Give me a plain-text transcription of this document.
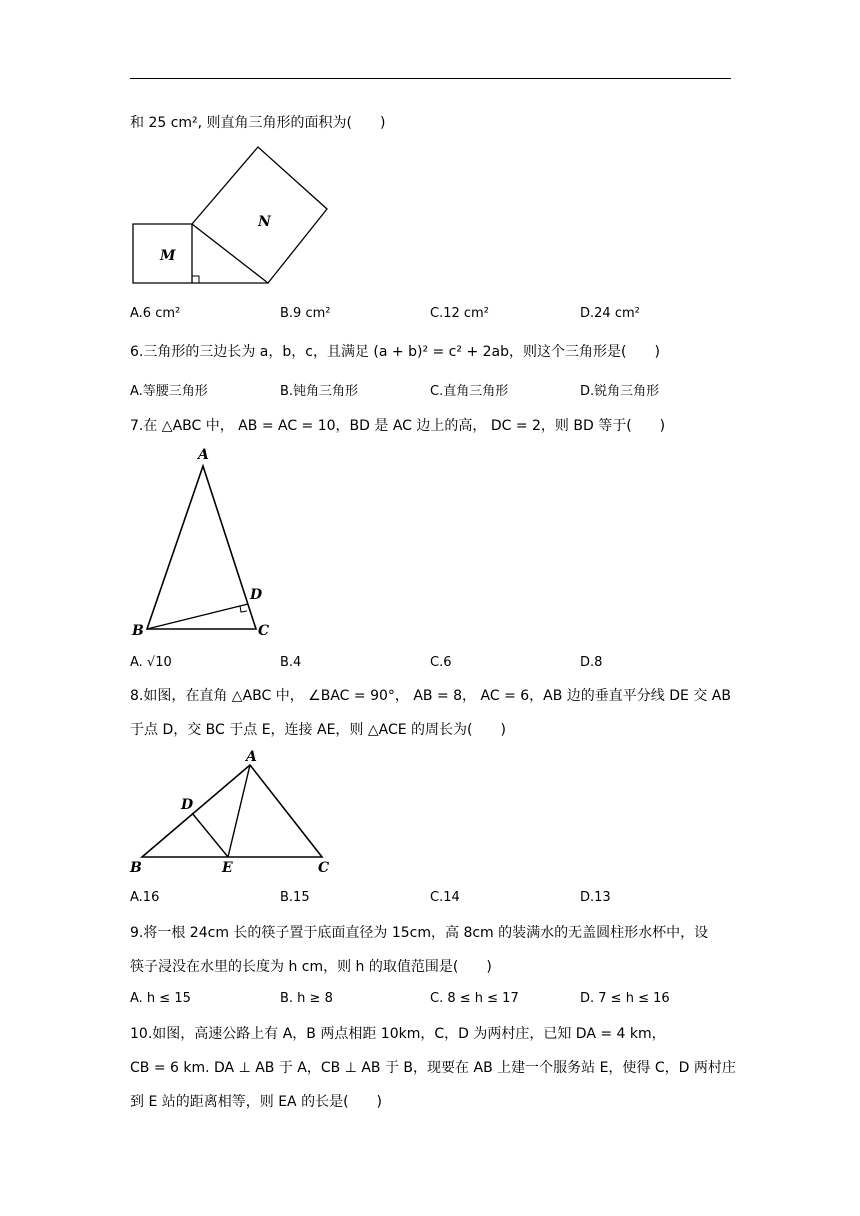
和 25 cm², 则直角三角形的面积为(　　)
M
N
A.6 cm²	B.9 cm²	C.12 cm²	D.24 cm²
6.三角形的三边长为 a，b，c，且满足 (a + b)² = c² + 2ab，则这个三角形是(　　)
A.等腰三角形	B.钝角三角形	C.直角三角形	D.锐角三角形
7.在 △ABC 中， AB = AC = 10，BD 是 AC 边上的高， DC = 2，则 BD 等于(　　)
A
B	C
D
A. √10	B.4	C.6	D.8
8.如图，在直角 △ABC 中， ∠BAC = 90°， AB = 8， AC = 6，AB 边的垂直平分线 DE 交 AB
于点 D，交 BC 于点 E，连接 AE，则 △ACE 的周长为(　　)
A
B	C
D
E
A.16	B.15	C.14	D.13
9.将一根 24cm 长的筷子置于底面直径为 15cm，高 8cm 的装满水的无盖圆柱形水杯中，设
筷子浸没在水里的长度为 h cm，则 h 的取值范围是(　　)
A. h ≤ 15	B. h ≥ 8	C. 8 ≤ h ≤ 17	D. 7 ≤ h ≤ 16
10.如图，高速公路上有 A，B 两点相距 10km，C，D 为两村庄，已知 DA = 4 km，
CB = 6 km. DA ⊥ AB 于 A，CB ⊥ AB 于 B，现要在 AB 上建一个服务站 E，使得 C，D 两村庄
到 E 站的距离相等，则 EA 的长是(　　)
